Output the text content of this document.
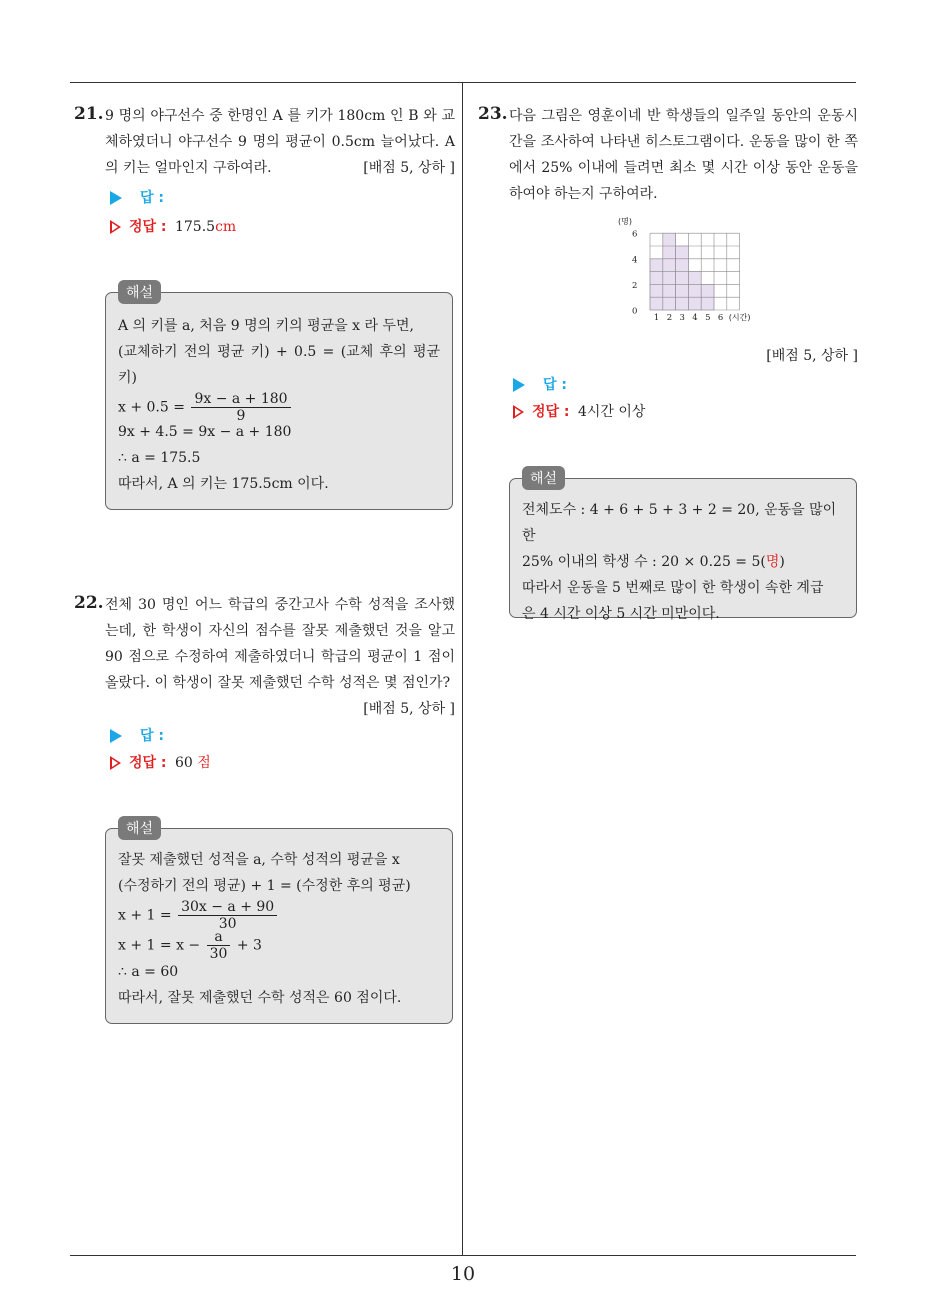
10
21. 9 명의 야구선수 중 한명인 A 를 키가 180cm 인 B 와 교체하였더니 야구선수 9 명의 평균이 0.5cm 늘어났다. A 의 키는 얼마인지 구하여라.	[배점 5, 상하 ]
답 :
정답 : 175.5cm
A 의 키를 a, 처음 9 명의 키의 평균을 x 라 두면,
(교체하기 전의 평균 키) + 0.5 = (교체 후의 평균 키)
$x + 0.5 = \frac{9x - a + 180}{9}$
9x + 4.5 = 9x − a + 180
∴ a = 175.5
따라서, A 의 키는 175.5cm 이다.
해설
22. 전체 30 명인 어느 학급의 중간고사 수학 성적을 조사했는데, 한 학생이 자신의 점수를 잘못 제출했던 것을 알고 90 점으로 수정하여 제출하였더니 학급의 평균이 1 점이 올랐다. 이 학생이 잘못 제출했던 수학 성적은 몇 점인가?
[배점 5, 상하 ]
답 :
정답 : 60 점
잘못 제출했던 성적을 a, 수학 성적의 평균을 x
(수정하기 전의 평균) + 1 = (수정한 후의 평균)
$x + 1 = \frac{30x - a + 90}{30}$
$x + 1 = x - \frac{a}{30} + 3$
∴ a = 60
따라서, 잘못 제출했던 수학 성적은 60 점이다.
해설
23. 다음 그림은 영훈이네 반 학생들의 일주일 동안의 운동시간을 조사하여 나타낸 히스토그램이다. 운동을 많이 한 쪽에서 25% 이내에 들려면 최소 몇 시간 이상 동안 운동을 하여야 하는지 구하여라.
0
2
4
6
1 2 3 4 5 6
(명)
(시간)
[배점 5, 상하 ]
답 :
정답 : 4시간 이상
전체도수 : 4 + 6 + 5 + 3 + 2 = 20, 운동을 많이 한
25% 이내의 학생 수 : 20 × 0.25 = 5(명)
따라서 운동을 5 번째로 많이 한 학생이 속한 계급
은 4 시간 이상 5 시간 미만이다.
해설
